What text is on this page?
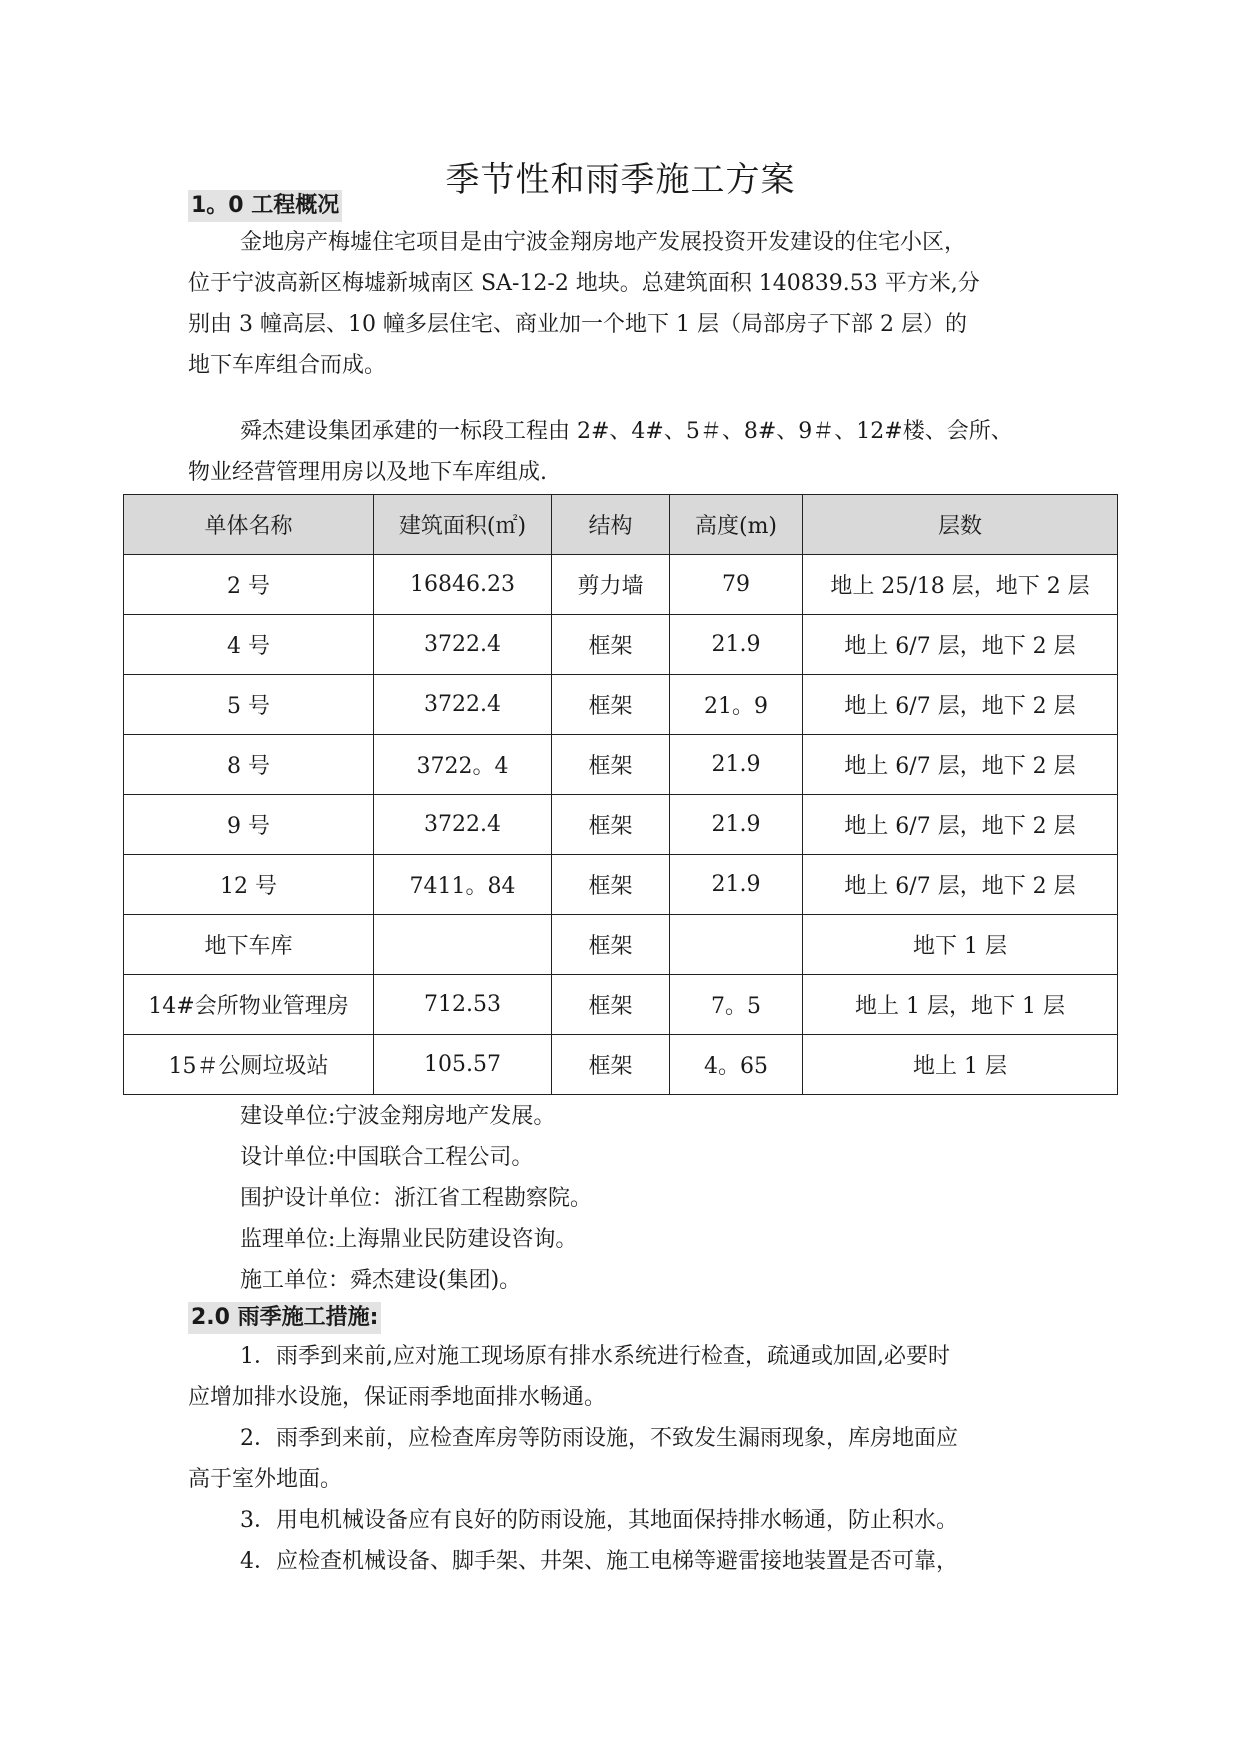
季节性和雨季施工方案
1。0 工程概况
金地房产梅墟住宅项目是由宁波金翔房地产发展投资开发建设的住宅小区，
位于宁波高新区梅墟新城南区 SA-12-2 地块。总建筑面积 140839.53 平方米,分
别由 3 幢高层、10 幢多层住宅、商业加一个地下 1 层（局部房子下部 2 层）的
地下车库组合而成。
舜杰建设集团承建的一标段工程由 2#、4#、5＃、8#、9＃、12#楼、会所、
物业经营管理用房以及地下车库组成.
单体名称	建筑面积(㎡)	结构	高度(m)	层数
2 号	16846.23	剪力墙	79	地上 25/18 层，地下 2 层
4 号	3722.4	框架	21.9	地上 6/7 层，地下 2 层
5 号	3722.4	框架	21。9	地上 6/7 层，地下 2 层
8 号	3722。4	框架	21.9	地上 6/7 层，地下 2 层
9 号	3722.4	框架	21.9	地上 6/7 层，地下 2 层
12 号	7411。84	框架	21.9	地上 6/7 层，地下 2 层
地下车库		框架		地下 1 层
14#会所物业管理房	712.53	框架	7。5	地上 1 层，地下 1 层
15＃公厕垃圾站	105.57	框架	4。65	地上 1 层
建设单位:宁波金翔房地产发展。
设计单位:中国联合工程公司。
围护设计单位：浙江省工程勘察院。
监理单位:上海鼎业民防建设咨询。
施工单位：舜杰建设(集团)。
2.0 雨季施工措施:
1．雨季到来前,应对施工现场原有排水系统进行检查，疏通或加固,必要时
应增加排水设施，保证雨季地面排水畅通。
2．雨季到来前，应检查库房等防雨设施，不致发生漏雨现象，库房地面应
高于室外地面。
3．用电机械设备应有良好的防雨设施，其地面保持排水畅通，防止积水。
4．应检查机械设备、脚手架、井架、施工电梯等避雷接地装置是否可靠，
